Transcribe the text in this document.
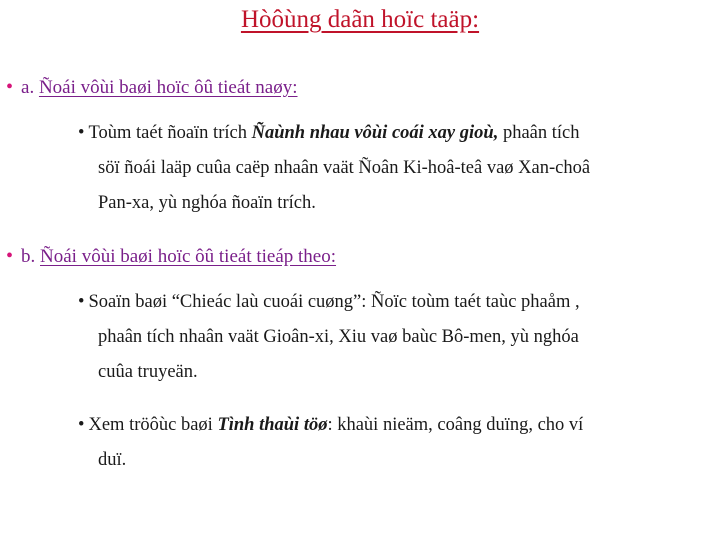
Hòôùng daãn hoïc taäp:
• a. Ñoái vôùi baøi hoïc ôû tieát naøy:
• Toùm taét ñoaïn trích Ñaùnh nhau vôùi coái xay gioù, phaân tích
söï ñoái laäp cuûa caëp nhaân vaät Ñoân Ki-hoâ-teâ vaø Xan-choâ
Pan-xa, yù nghóa ñoaïn trích.
• b. Ñoái vôùi baøi hoïc ôû tieát tieáp theo:
• Soaïn baøi “Chieác laù cuoái cuøng”: Ñoïc toùm taét taùc phaåm ,
phaân tích nhaân vaät Gioân-xi, Xiu vaø baùc Bô-men, yù nghóa
cuûa truyeän.
• Xem tröôùc baøi Tình thaùi töø: khaùi nieäm, coâng duïng, cho ví
duï.
